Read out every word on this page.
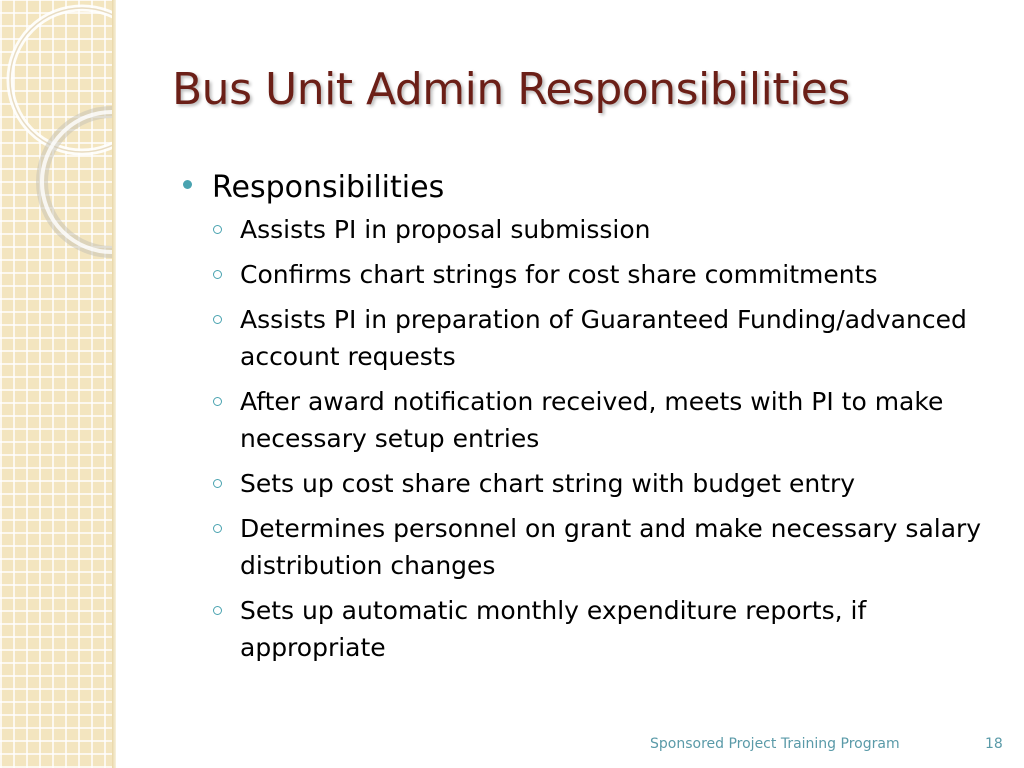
Bus Unit Admin Responsibilities
Responsibilities
Assists PI in proposal submission
Confirms chart strings for cost share commitments
Assists PI in preparation of Guaranteed Funding/advanced account requests
After award notification received, meets with PI to make necessary setup entries
Sets up cost share chart string with budget entry
Determines personnel on grant and make necessary salary distribution changes
Sets up automatic monthly expenditure reports, if appropriate
Sponsored Project Training Program	18
